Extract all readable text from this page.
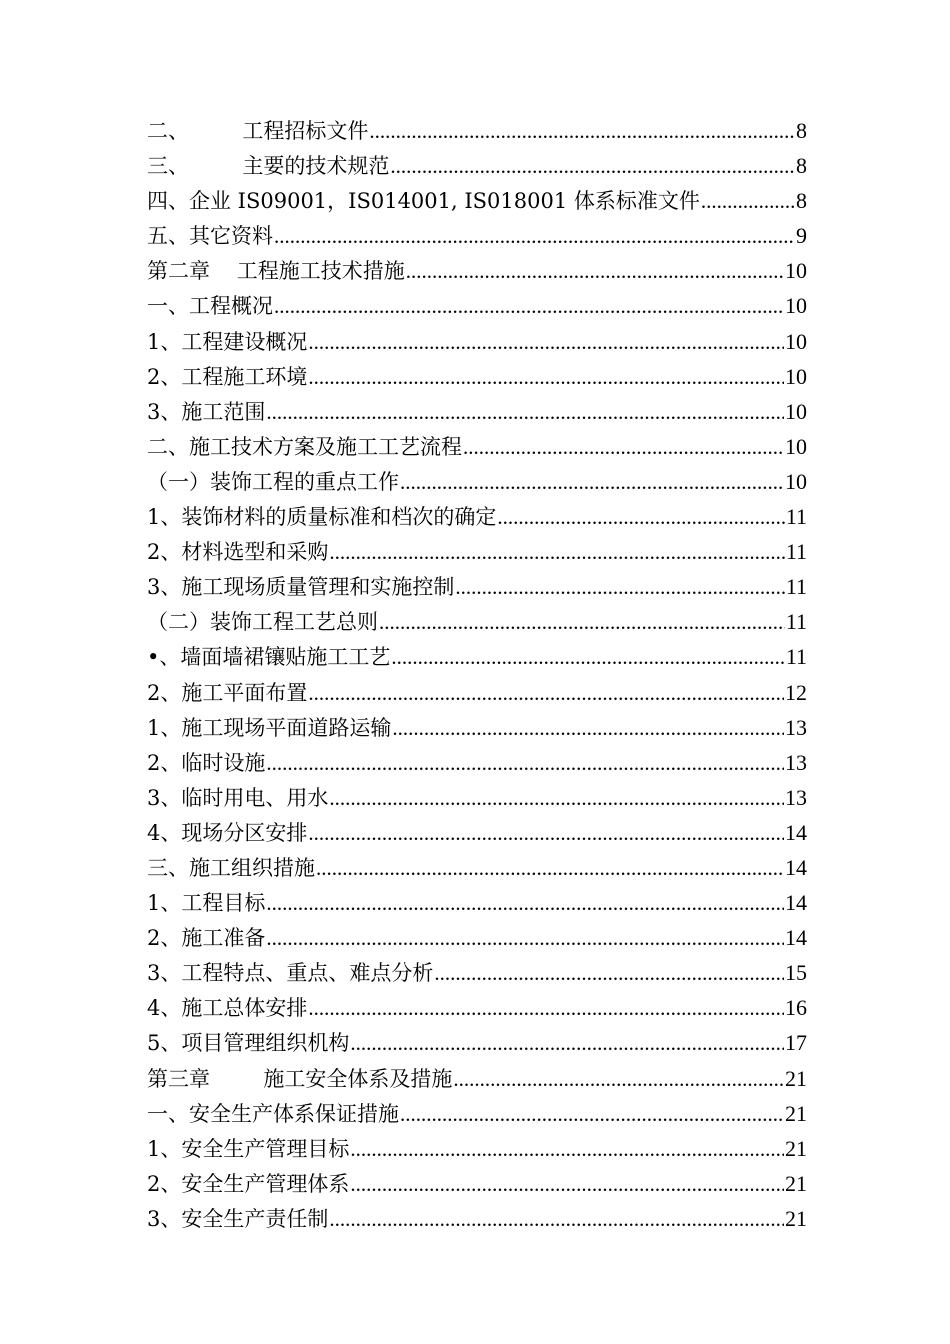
二、        工程招标文件 .....	8
三、        主要的技术规范 .....	8
四、企业 IS09001，IS014001, IS018001 体系标准文件 .....	8
五、其它资料 .....	9
第二章    工程施工技术措施 .....	10
一、工程概况 .....	10
1、工程建设概况 .....	10
2、工程施工环境 .....	10
3、施工范围 .....	10
二、施工技术方案及施工工艺流程 .....	10
（一）装饰工程的重点工作 .....	10
1、装饰材料的质量标准和档次的确定 .....	11
2、材料选型和采购 .....	11
3、施工现场质量管理和实施控制 .....	11
（二）装饰工程工艺总则 .....	11
•、墙面墙裙镶贴施工工艺 .....	11
2、施工平面布置 .....	12
1、施工现场平面道路运输 .....	13
2、临时设施 .....	13
3、临时用电、用水 .....	13
4、现场分区安排 .....	14
三、施工组织措施 .....	14
1、工程目标 .....	14
2、施工准备 .....	14
3、工程特点、重点、难点分析 .....	15
4、施工总体安排 .....	16
5、项目管理组织机构 .....	17
第三章        施工安全体系及措施 .....	21
一、安全生产体系保证措施 .....	21
1、安全生产管理目标 .....	21
2、安全生产管理体系 .....	21
3、安全生产责任制 .....	21
